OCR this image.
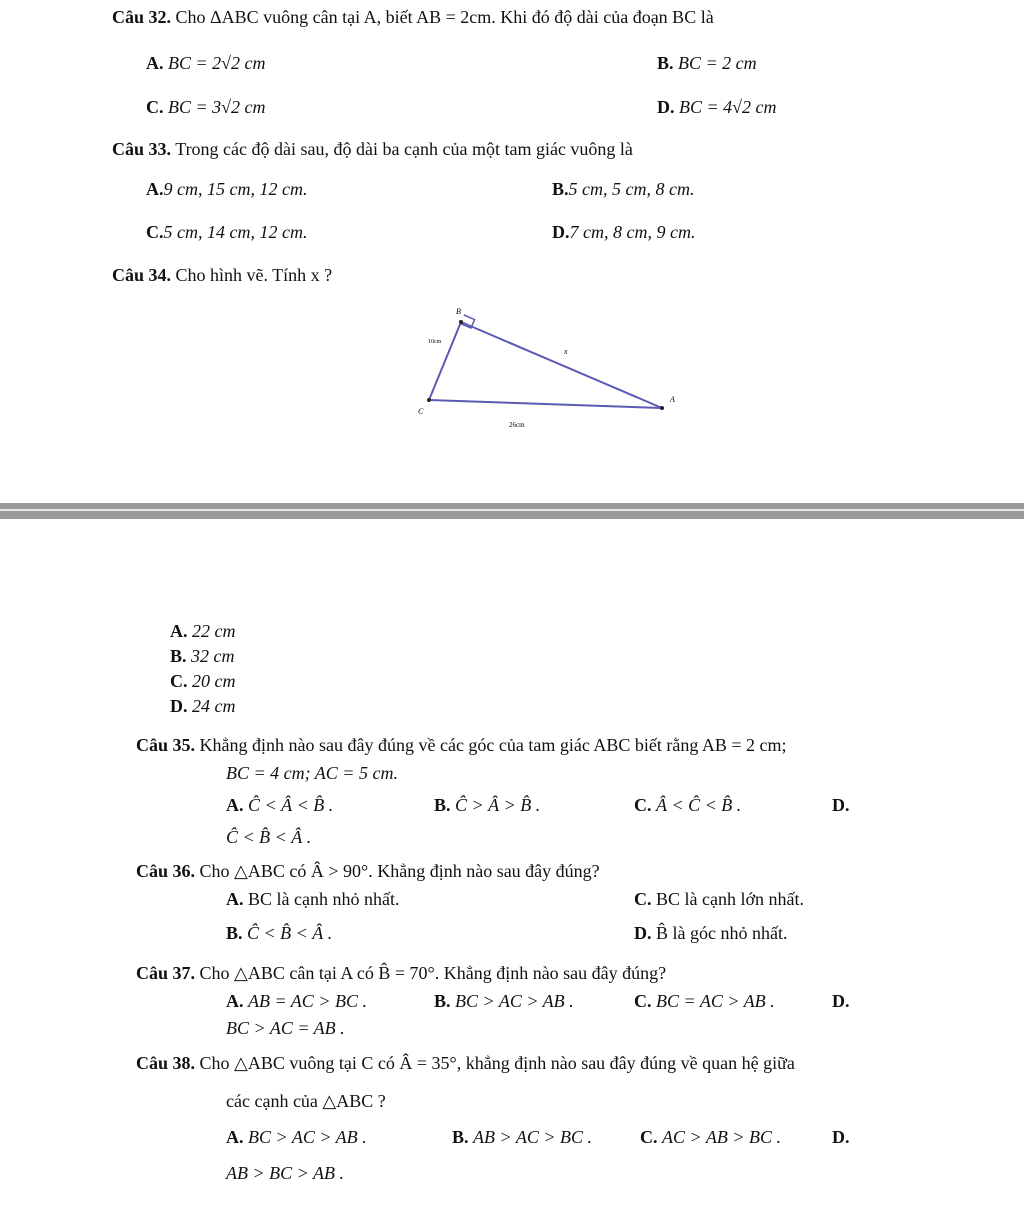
Câu 32. Cho ΔABC vuông cân tại A, biết AB = 2cm. Khi đó độ dài của đoạn BC là
A. BC = 2√2 cm	B. BC = 2 cm
C. BC = 3√2 cm	D. BC = 4√2 cm
Câu 33. Trong các độ dài sau, độ dài ba cạnh của một tam giác vuông là
A.9 cm, 15 cm, 12 cm.	B.5 cm, 5 cm, 8 cm.
C.5 cm, 14 cm, 12 cm.	D.7 cm, 8 cm, 9 cm.
Câu 34. Cho hình vẽ. Tính x ?
B
C
A
x
10cm
26cm
A. 22 cm
B. 32 cm
C. 20 cm
D. 24 cm
Câu 35. Khẳng định nào sau đây đúng về các góc của tam giác ABC biết rằng AB = 2 cm;
BC = 4 cm; AC = 5 cm.
A. Ĉ < Â < B̂ .	B. Ĉ > Â > B̂ .	C. Â < Ĉ < B̂ .	D.
Ĉ < B̂ < Â .
Câu 36. Cho △ABC có Â > 90°. Khẳng định nào sau đây đúng?
A. BC là cạnh nhỏ nhất.	C. BC là cạnh lớn nhất.
B. Ĉ < B̂ < Â .	D. B̂ là góc nhỏ nhất.
Câu 37. Cho △ABC cân tại A có B̂ = 70°. Khẳng định nào sau đây đúng?
A. AB = AC > BC .	B. BC > AC > AB .	C. BC = AC > AB .	D.
BC > AC = AB .
Câu 38. Cho △ABC vuông tại C có Â = 35°, khẳng định nào sau đây đúng về quan hệ giữa
các cạnh của △ABC ?
A. BC > AC > AB .	B. AB > AC > BC .	C. AC > AB > BC .	D.
AB > BC > AB .
